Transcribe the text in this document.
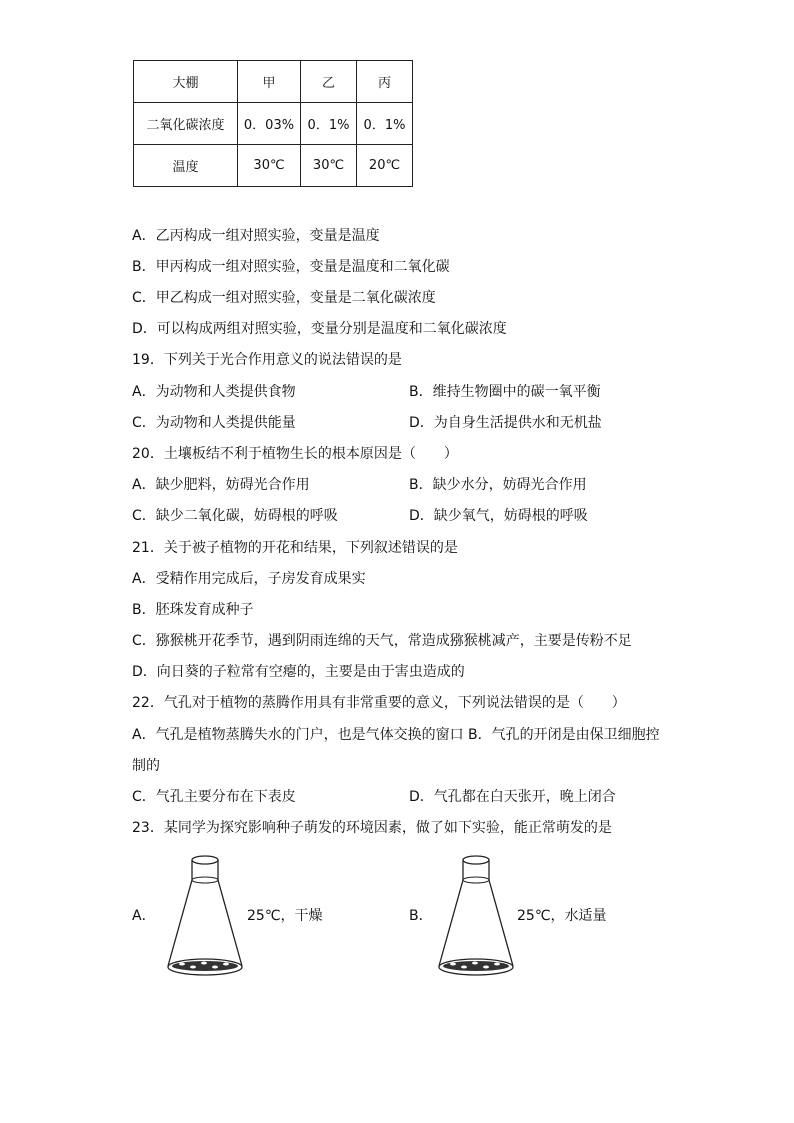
大棚	甲	乙	丙
二氧化碳浓度	0．03%	0．1%	0．1%
温度	30℃	30℃	20℃
A．乙丙构成一组对照实验，变量是温度
B．甲丙构成一组对照实验，变量是温度和二氧化碳
C．甲乙构成一组对照实验，变量是二氧化碳浓度
D．可以构成两组对照实验，变量分别是温度和二氧化碳浓度
19．下列关于光合作用意义的说法错误的是
A．为动物和人类提供食物	B．维持生物圈中的碳一氧平衡
C．为动物和人类提供能量	D．为自身生活提供水和无机盐
20．土壤板结不利于植物生长的根本原因是（　　）
A．缺少肥料，妨碍光合作用	B．缺少水分，妨碍光合作用
C．缺少二氧化碳，妨碍根的呼吸	D．缺少氧气，妨碍根的呼吸
21．关于被子植物的开花和结果，下列叙述错误的是
A．受精作用完成后，子房发育成果实
B．胚珠发育成种子
C．猕猴桃开花季节，遇到阴雨连绵的天气，常造成猕猴桃减产，主要是传粉不足
D．向日葵的子粒常有空瘪的，主要是由于害虫造成的
22．气孔对于植物的蒸腾作用具有非常重要的意义，下列说法错误的是（　　）
A．气孔是植物蒸腾失水的门户，也是气体交换的窗口 B．气孔的开闭是由保卫细胞控
制的
C．气孔主要分布在下表皮	D．气孔都在白天张开，晚上闭合
23．某同学为探究影响种子萌发的环境因素，做了如下实验，能正常萌发的是
A．	25℃，干燥	B．	25℃，水适量
